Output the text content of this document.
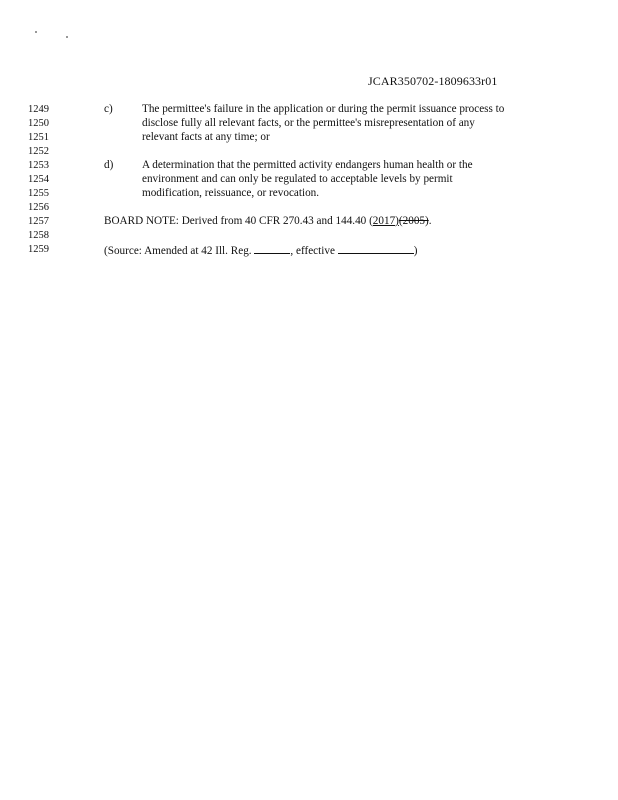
JCAR350702-1809633r01
1249
1250
1251
1252
1253
1254
1255
1256
1257
1258
1259
c)	The permittee's failure in the application or during the permit issuance process to
disclose fully all relevant facts, or the permittee's misrepresentation of any
relevant facts at any time; or
d)	A determination that the permitted activity endangers human health or the
environment and can only be regulated to acceptable levels by permit
modification, reissuance, or revocation.
BOARD NOTE: Derived from 40 CFR 270.43 and 144.40 (2017)(2005).
(Source: Amended at 42 Ill. Reg.	, effective	)
